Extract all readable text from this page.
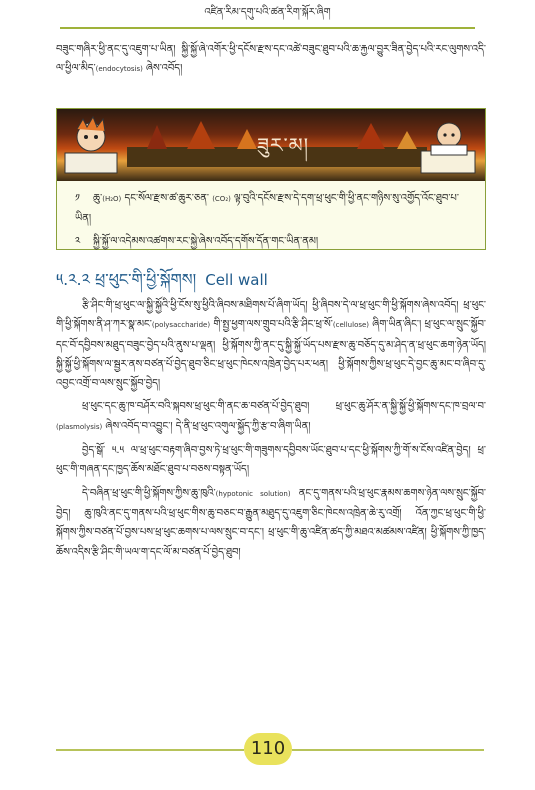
འཛིན་རིམ་དགུ་པའི་ཚན་རིག་སྐོར་ཞིག
བཟུང་གཞིར་ཕྱི་ནང་དུ་འཇུག་པ་ཡིན། སྐྱི་སྐྱོ་ཞེ་འགོར་ཕྱི་དངོས་རྫས་དང་འཚེ་བཟུང་ཐུབ་པའི་ཆ་རྐྱལ་བྱུར་ཟིན་བྱེད་པའི་རང་ལུགས་འདི་ལ་ཕྱིལ་མིད་(endocytosis) ཞེས་འབོད།
ཟུར་མ།
༡ ཆུ་(H₂O) དང་སོལ་རྫས་ཚ་ཆུར་ཅན་ (CO₂) ལྟ་བུའི་དངོས་རྫས་དེ་དག་ཕྲ་ཕུང་གི་ཕྱི་ནང་གཉིས་སུ་འགྱོད་འོང་ཐུབ་པ་ཡིན།
༢ སྐྱི་སྐྱོ་ལ་འདེམས་འཚགས་རང་སྐྱེ་ཞེས་འབོད་དགོས་དོན་གང་ཡིན་ནམ།
༥.༢.༢ ཕྲ་ཕུང་གི་ཕྱི་སྐོགས། Cell wall

རྩི་ཤིང་གི་ཕྲ་ཕུང་ལ་སྐྱི་སྐྱོའི་ཕྱི་ངོས་སུ་ཕྱིའི་ཞིབས་མཐིགས་པོ་ཞིག་ཡོད། ཕྱི་ཞིབས་དེ་ལ་ཕྲ་ཕུང་གི་ཕྱི་སྐོགས་ཞེས་འབོད། ཕྲ་ཕུང་གི་ཕྱི་སྐོགས་ནི་ཤ་ཀར་སྣ་མང་(polysaccharide) གི་སྤྱ་ཕྱག་ལས་གྲུབ་པའི་རྩི་ཤིང་ཕྲ་སོ་(cellulose) ཞིག་ཡིན་ཞིང་། ཕྲ་ཕུང་ལ་སྲུང་སྐྱོབ་དང་བོ་དབྱིབས་མཐུད་བཟུང་བྱེད་པའི་ནུས་པ་ལྡན། ཕྱི་སྐོགས་ཀྱི་ནང་དུ་སྐྱི་སྐྱོ་ཡོད་པས་རྫས་ཆུ་བཅོད་དུ་མ་ཤེད་ན་ཕྲ་ཕུང་ཆག་ཉེན་ཡོད། སྐྱི་སྐྱོ་ཕྱི་སྐོགས་ལ་སྦྱར་ནས་བཙན་པོ་བྱེད་ཐུབ་ཅིང་ཕྲ་ཕུང་ཁེངས་འཁྲེན་བྱེད་པར་ཕན། ཕྱི་སྐོགས་ཀྱིས་ཕྲ་ཕུང་དེ་བྱང་ཆུ་མང་བ་ཞིབ་དུ་འབྱང་འགྲོ་བ་ལས་སྲུང་སྐྱོབ་བྱེད།

ཕྲ་ཕུང་དང་ཆུ་ཁ་བཤོར་བའི་སྐབས་ཕྲ་ཕུང་གི་ནང་ཆ་བཙན་པོ་བྱེད་ཐུབ། ཕྲ་ཕུང་ཆུ་ཤོར་ན་སྐྱི་སྐྱོ་ཕྱི་སྐོགས་དང་ཁ་བྲལ་བ་(plasmolysis) ཞེས་འབོད་བ་འབྱུང་། དེ་ནི་ཕྲ་ཕུང་འགུལ་སྐྱོད་ཀྱི་རྩ་བ་ཞིག་ཡིན།

བྱེད་སྒོ་ ༥.༥ ལ་ཕྲ་ཕུང་བརྟག་ཞིབ་བྱས་ཏེ་ཕྲ་ཕུང་གི་གཟུགས་དབྱིབས་ཡོང་ཐུབ་པ་དང་ཕྱི་སྐོགས་ཀྱི་གོ་ས་ངོས་འཛིན་བྱེད། ཕྲ་ཕུང་གི་གཞན་དང་ཁྱད་ཆོས་མཐོང་ཐུབ་པ་བཅས་བསྟན་ཡོད།

དེ་བཞིན་ཕྲ་ཕུང་གི་ཕྱི་སྐོགས་ཀྱིས་ཆུ་ཁུའི་(hypotonic solution) ནང་དུ་གནས་པའི་ཕྲ་ཕུང་རྣམས་ཆགས་ཉེན་ལས་སྲུང་སྐྱོབ་བྱེད། ཆུ་ཁུའི་ནང་དུ་གནས་པའི་ཕྲ་ཕུང་གིས་ཆུ་བཅང་བ་རྒྱུན་མཐུད་དུ་འཇུག་ཅིང་ཁེངས་འཁྲེན་ཆེ་རུ་འགྲོ། འོན་ཀྱང་ཕྲ་ཕུང་གི་ཕྱི་སྐོགས་ཀྱིས་བཙན་པོ་བྱས་པས་ཕྲ་ཕུང་ཆགས་པ་ལས་སྲུང་བ་དང་། ཕྲ་ཕུང་གི་ཆུ་འཛིན་ཚད་ཀྱི་མཐའ་མཚམས་འཛིན། ཕྱི་སྐོགས་ཀྱི་ཁྱད་ཆོས་འདིས་རྩི་ཤིང་གི་ཡལ་ག་དང་ལོ་མ་བཙན་པོ་བྱེད་ཐུབ།

110
